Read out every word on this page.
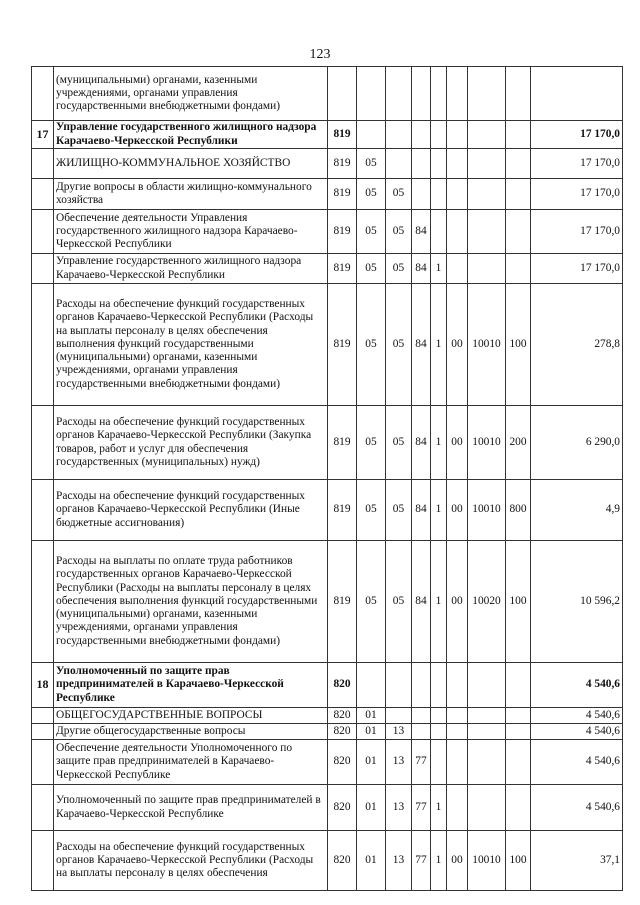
123
	(муниципальными) органами, казенными учреждениями, органами управления государственными внебюджетными фондами)									
17	Управление государственного жилищного надзора Карачаево-Черкесской Республики	819								17 170,0
	ЖИЛИЩНО-КОММУНАЛЬНОЕ ХОЗЯЙСТВО	819	05							17 170,0
	Другие вопросы в области жилищно-коммунального хозяйства	819	05	05						17 170,0
	Обеспечение деятельности Управления государственного жилищного надзора Карачаево-Черкесской Республики	819	05	05	84					17 170,0
	Управление государственного жилищного надзора Карачаево-Черкесской Республики	819	05	05	84	1				17 170,0
	Расходы на обеспечение функций государственных органов Карачаево-Черкесской Республики (Расходы на выплаты персоналу в целях обеспечения выполнения функций государственными (муниципальными) органами, казенными учреждениями, органами управления государственными внебюджетными фондами)	819	05	05	84	1	00	10010	100	278,8
	Расходы на обеспечение функций государственных органов Карачаево-Черкесской Республики (Закупка товаров, работ и услуг для обеспечения государственных (муниципальных) нужд)	819	05	05	84	1	00	10010	200	6 290,0
	Расходы на обеспечение функций государственных органов Карачаево-Черкесской Республики (Иные бюджетные ассигнования)	819	05	05	84	1	00	10010	800	4,9
	Расходы на выплаты по оплате труда работников государственных органов Карачаево-Черкесской Республики (Расходы на выплаты персоналу в целях обеспечения выполнения функций государственными (муниципальными) органами, казенными учреждениями, органами управления государственными внебюджетными фондами)	819	05	05	84	1	00	10020	100	10 596,2
18	Уполномоченный по защите прав предпринимателей в Карачаево-Черкесской Республике	820								4 540,6
	ОБЩЕГОСУДАРСТВЕННЫЕ ВОПРОСЫ	820	01							4 540,6
	Другие общегосударственные вопросы	820	01	13						4 540,6
	Обеспечение деятельности Уполномоченного по защите прав предпринимателей в Карачаево-Черкесской Республике	820	01	13	77					4 540,6
	Уполномоченный по защите прав предпринимателей в Карачаево-Черкесской Республике	820	01	13	77	1				4 540,6
	Расходы на обеспечение функций государственных органов Карачаево-Черкесской Республики (Расходы на выплаты персоналу в целях обеспечения	820	01	13	77	1	00	10010	100	37,1
